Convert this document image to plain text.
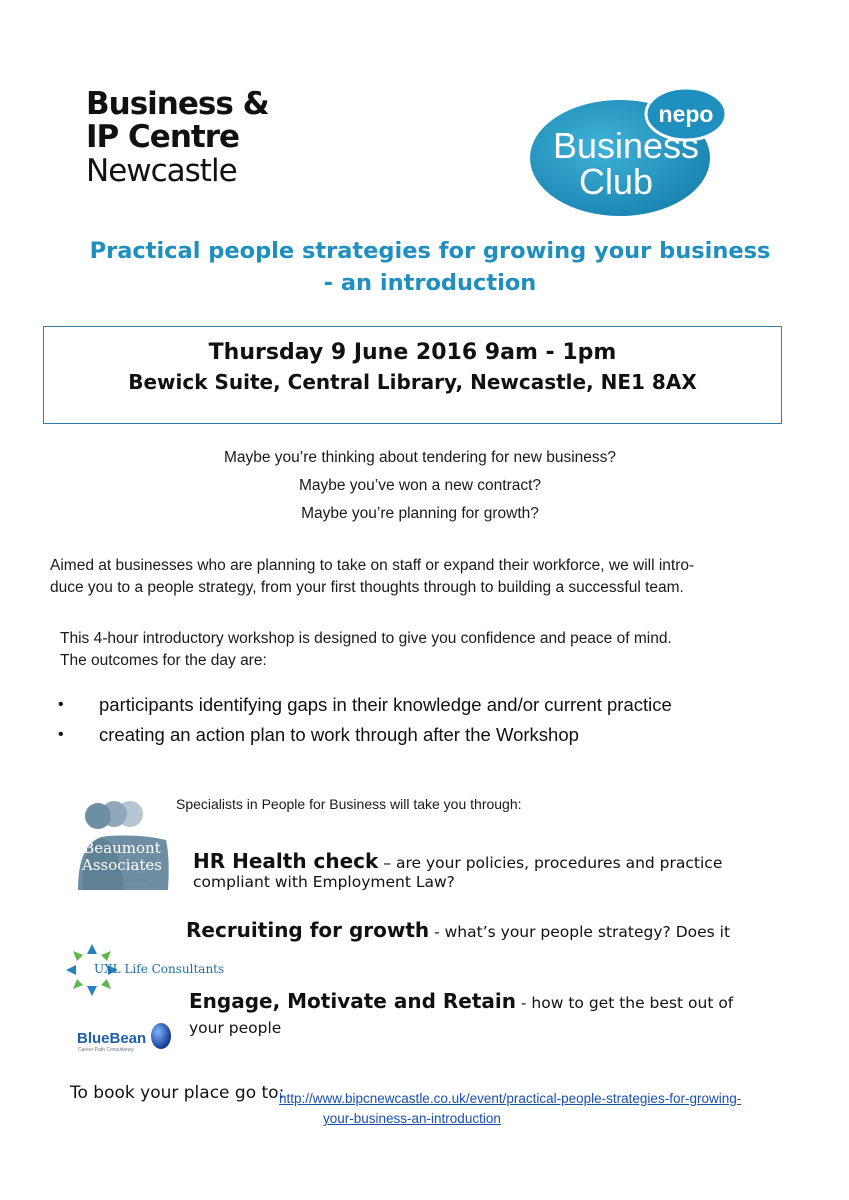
Business &
IP Centre
Newcastle
nepo
Business
Club
Practical people strategies for growing your business
- an introduction
Thursday 9 June 2016 9am - 1pm
Bewick Suite, Central Library, Newcastle, NE1 8AX
Maybe you’re thinking about tendering for new business?
Maybe you’ve won a new contract?
Maybe you’re planning for growth?
Aimed at businesses who are planning to take on staff or expand their workforce, we will intro-
duce you to a people strategy, from your first thoughts through to building a successful team.
This 4-hour introductory workshop is designed to give you confidence and peace of mind.
The outcomes for the day are:
• participants identifying gaps in their knowledge and/or current practice
• creating an action plan to work through after the Workshop
Specialists in People for Business will take you through:
Beaumont
Associates
Northumberland
HR Health check – are your policies, procedures and practice
compliant with Employment Law?
UXL Life Consultants
Recruiting for growth - what’s your people strategy? Does it
Engage, Motivate and Retain - how to get the best out of
your people
BlueBean
Career Path Consultancy
To book your place go to:
http://www.bipcnewcastle.co.uk/event/practical-people-strategies-for-growing-
your-business-an-introduction
